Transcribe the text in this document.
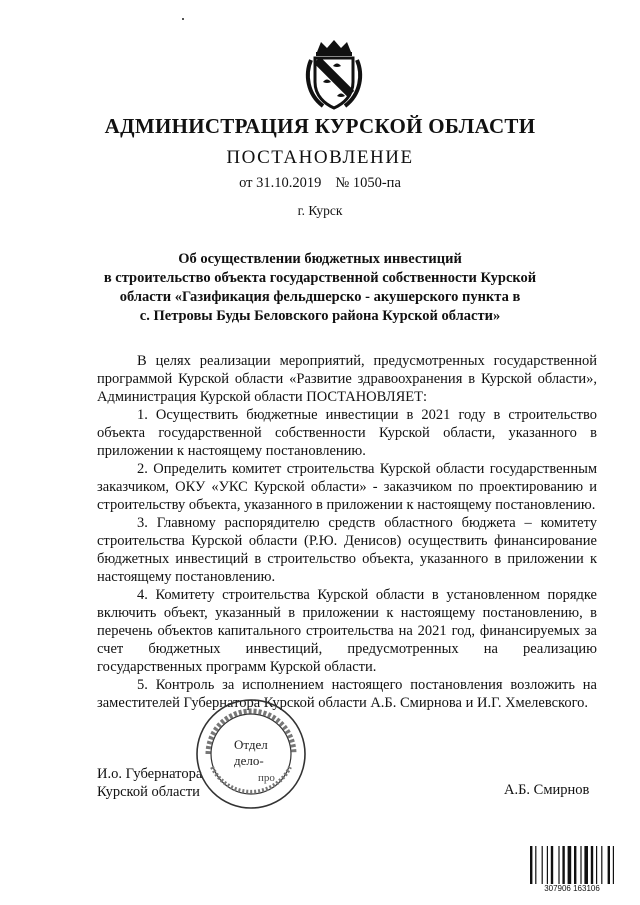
АДМИНИСТРАЦИЯ КУРСКОЙ ОБЛАСТИ
ПОСТАНОВЛЕНИЕ
от 31.10.2019 № 1050-па
г. Курск
Об осуществлении бюджетных инвестиций
в строительство объекта государственной собственности Курской
области «Газификация фельдшерско - акушерского пункта в
с. Петровы Буды Беловского района Курской области»

В целях реализации мероприятий, предусмотренных государственной программой Курской области «Развитие здравоохранения в Курской области», Администрация Курской области ПОСТАНОВЛЯЕТ:

1. Осуществить бюджетные инвестиции в 2021 году в строительство объекта государственной собственности Курской области, указанного в приложении к настоящему постановлению.

2. Определить комитет строительства Курской области государственным заказчиком, ОКУ «УКС Курской области» - заказчиком по проектированию и строительству объекта, указанного в приложении к настоящему постановлению.

3. Главному распорядителю средств областного бюджета – комитету строительства Курской области (Р.Ю. Денисов) осуществить финансирование бюджетных инвестиций в строительство объекта, указанного в приложении к настоящему постановлению.

4. Комитету строительства Курской области в установленном порядке включить объект, указанный в приложении к настоящему постановлению, в перечень объектов капитального строительства на 2021 год, финансируемых за счет бюджетных инвестиций, предусмотренных на реализацию государственных программ Курской области.

5. Контроль за исполнением настоящего постановления возложить на заместителей Губернатора Курской области А.Б. Смирнова и И.Г. Хмелевского.

И.о. Губернатора
Курской области	А.Б. Смирнов
Отдел
дело-
про
307906 163106
